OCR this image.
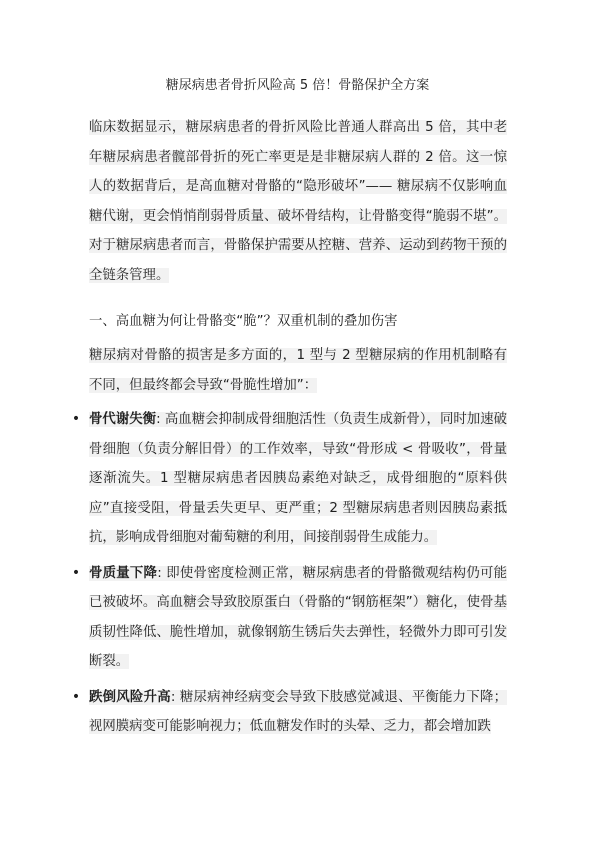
糖尿病患者骨折风险高 5 倍！骨骼保护全方案

临床数据显示，糖尿病患者的骨折风险比普通人群高出 5 倍，其中老年糖尿病患者髋部骨折的死亡率更是是非糖尿病人群的 2 倍。这一惊人的数据背后，是高血糖对骨骼的“隐形破坏”—— 糖尿病不仅影响血糖代谢，更会悄悄削弱骨质量、破坏骨结构，让骨骼变得“脆弱不堪”。对于糖尿病患者而言，骨骼保护需要从控糖、营养、运动到药物干预的全链条管理。

一、高血糖为何让骨骼变“脆”？双重机制的叠加伤害

糖尿病对骨骼的损害是多方面的，1 型与 2 型糖尿病的作用机制略有不同，但最终都会导致“骨脆性增加”：

• 骨代谢失衡: 高血糖会抑制成骨细胞活性（负责生成新骨），同时加速破骨细胞（负责分解旧骨）的工作效率，导致“骨形成 < 骨吸收”，骨量逐渐流失。1 型糖尿病患者因胰岛素绝对缺乏，成骨细胞的“原料供应”直接受阻，骨量丢失更早、更严重；2 型糖尿病患者则因胰岛素抵抗，影响成骨细胞对葡萄糖的利用，间接削弱骨生成能力。
• 骨质量下降: 即使骨密度检测正常，糖尿病患者的骨骼微观结构仍可能已被破坏。高血糖会导致胶原蛋白（骨骼的“钢筋框架”）糖化，使骨基质韧性降低、脆性增加，就像钢筋生锈后失去弹性，轻微外力即可引发断裂。
• 跌倒风险升高: 糖尿病神经病变会导致下肢感觉减退、平衡能力下降；视网膜病变可能影响视力；低血糖发作时的头晕、乏力，都会增加跌
